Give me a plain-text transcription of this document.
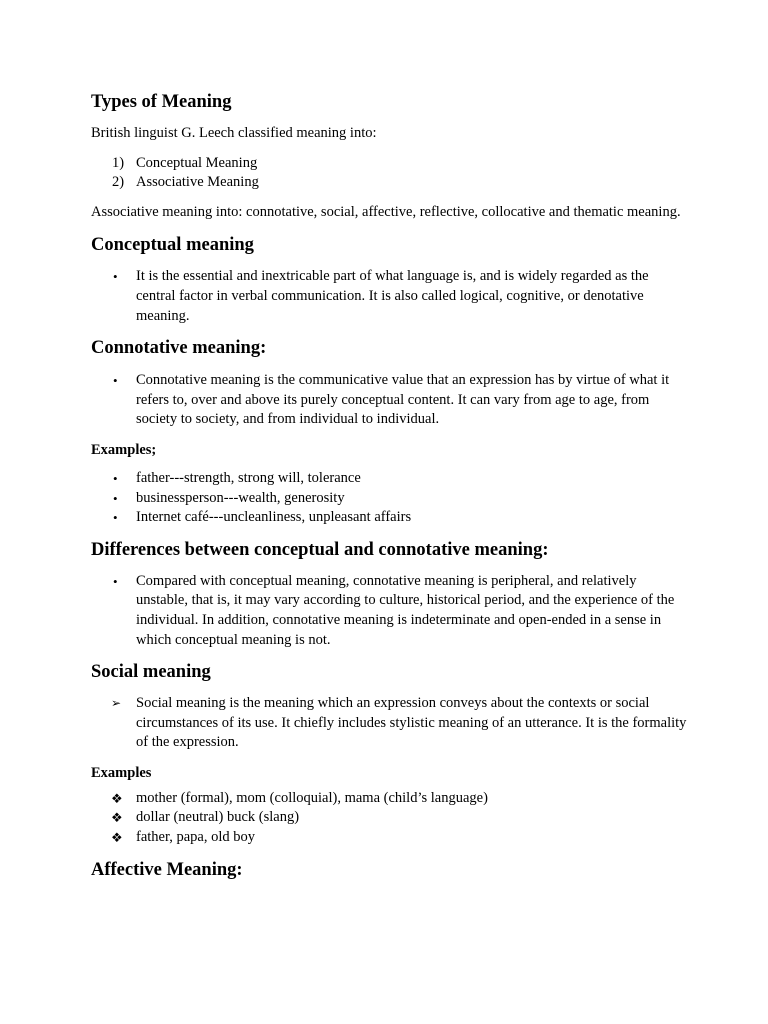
Types of Meaning

British linguist G. Leech classified meaning into:

1) Conceptual Meaning
2) Associative Meaning

Associative meaning into: connotative, social, affective, reflective, collocative and thematic meaning.

Conceptual meaning
• It is the essential and inextricable part of what language is, and is widely regarded as the central factor in verbal communication. It is also called logical, cognitive, or denotative meaning.
Connotative meaning:
• Connotative meaning is the communicative value that an expression has by virtue of what it refers to, over and above its purely conceptual content. It can vary from age to age, from society to society, and from individual to individual.
Examples;
• father---strength, strong will, tolerance
• businessperson---wealth, generosity
• Internet café---uncleanliness, unpleasant affairs
Differences between conceptual and connotative meaning:
• Compared with conceptual meaning, connotative meaning is peripheral, and relatively unstable, that is, it may vary according to culture, historical period, and the experience of the individual. In addition, connotative meaning is indeterminate and open-ended in a sense in which conceptual meaning is not.
Social meaning
➢ Social meaning is the meaning which an expression conveys about the contexts or social circumstances of its use. It chiefly includes stylistic meaning of an utterance. It is the formality of the expression.
Examples
❖ mother (formal), mom (colloquial), mama (child’s language)
❖ dollar (neutral) buck (slang)
❖ father, papa, old boy
Affective Meaning:
